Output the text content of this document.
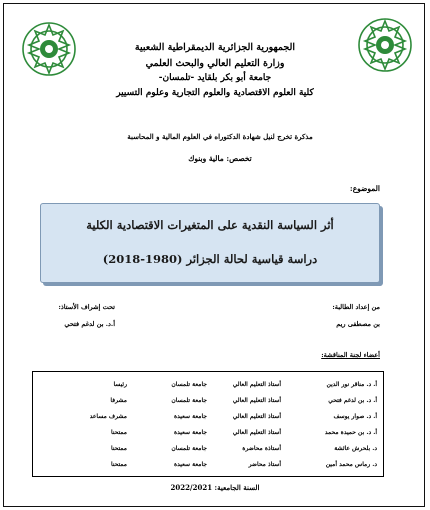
الجمهورية الجزائرية الديمقراطية الشعبية
وزارة التعليم العالي والبحث العلمي
جامعة أبو بكر بلقايد -تلمسان-
كلية العلوم الاقتصادية والعلوم التجارية وعلوم التسيير
مذكرة تخرج لنيل شهادة الدكتوراه في العلوم المالية و المحاسبة
تخصص: مالية وبنوك
الموضوع:
أثر السياسة النقدية على المتغيرات الاقتصادية الكلية
دراسة قياسية لحالة الجزائر (1980-2018)
من إعداد الطالبة:
بن مصطفى ريم
تحت إشراف الأستاذ:
أ.د. بن لدغم فتحي
أعضاء لجنة المناقشة:
أ. د. مناقر نور الدين
أستاذ التعليم العالي
جامعة تلمسان
رئيسا
أ. د. بن لدغم فتحي
أستاذ التعليم العالي
جامعة تلمسان
مشرفا
أ. د. صوار يوسف
أستاذ التعليم العالي
جامعة سعيدة
مشرف مساعد
أ. د. بن حميدة محمد
أستاذ التعليم العالي
جامعة سعيدة
ممتحنا
د. بلحرش عائشة
أستاذة محاضرة
جامعة تلمسان
ممتحنا
د. رماس محمد أمين
أستاذ محاضر
جامعة سعيدة
ممتحنا
السنة الجامعية: 2022/2021
